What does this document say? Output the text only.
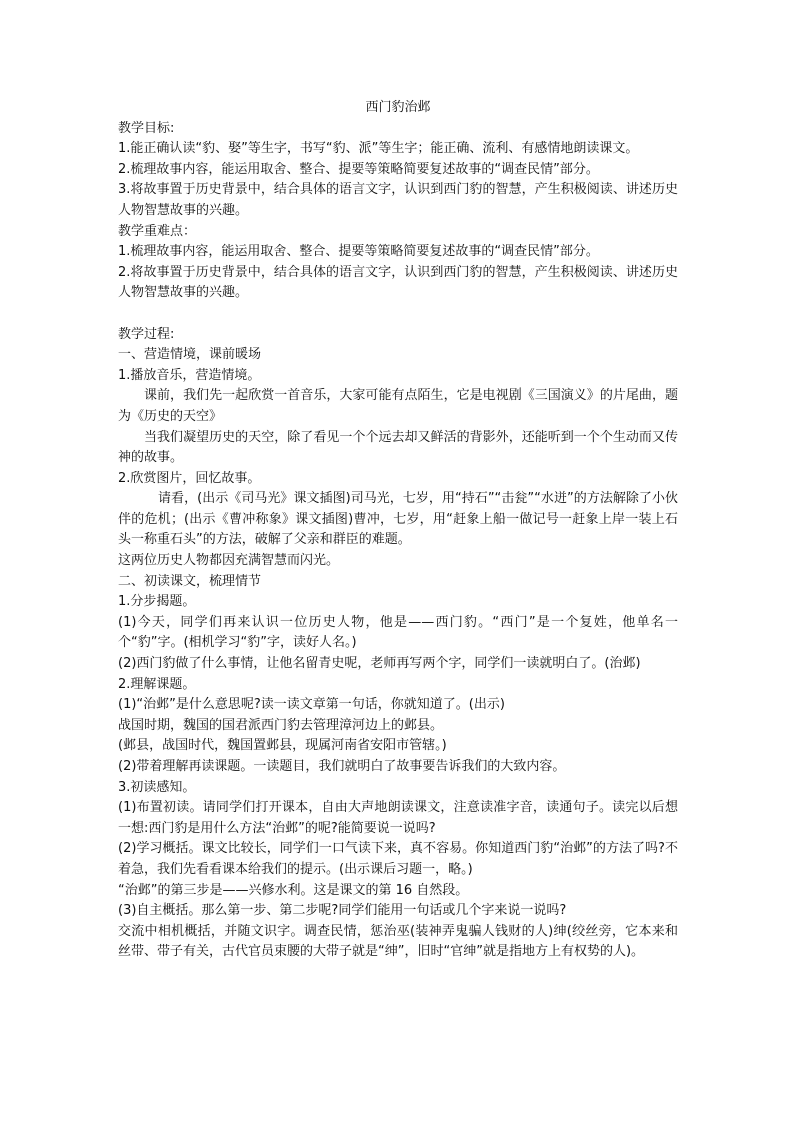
西门豹治邺

教学目标:

1.能正确认读“豹、娶”等生字，书写“豹、派”等生字；能正确、流利、有感情地朗读课文。

2.梳理故事内容，能运用取舍、整合、提要等策略简要复述故事的“调查民情”部分。

3.将故事置于历史背景中，结合具体的语言文字，认识到西门豹的智慧，产生积极阅读、讲述历史人物智慧故事的兴趣。

教学重难点：

1.梳理故事内容，能运用取舍、整合、提要等策略简要复述故事的“调查民情”部分。

2.将故事置于历史背景中，结合具体的语言文字，认识到西门豹的智慧，产生积极阅读、讲述历史人物智慧故事的兴趣。

教学过程:

一、营造情境，课前暖场

1.播放音乐，营造情境。

课前，我们先一起欣赏一首音乐，大家可能有点陌生，它是电视剧《三国演义》的片尾曲，题为《历史的天空》

当我们凝望历史的天空，除了看见一个个远去却又鲜活的背影外，还能听到一个个生动而又传神的故事。

2.欣赏图片，回忆故事。

请看，(出示《司马光》课文插图)司马光，七岁，用“持石”“击瓮”“水迸”的方法解除了小伙伴的危机；(出示《曹冲称象》课文插图)曹冲，七岁，用“赶象上船一做记号一赶象上岸一装上石头一称重石头”的方法，破解了父亲和群臣的难题。

这两位历史人物都因充满智慧而闪光。

二、初读课文，梳理情节

1.分步揭题。

(1)今天，同学们再来认识一位历史人物，他是——西门豹。“西门”是一个复姓，他单名一个“豹”字。(相机学习“豹”字，读好人名。)

(2)西门豹做了什么事情，让他名留青史呢，老师再写两个字，同学们一读就明白了。(治邺)

2.理解课题。

(1)“治邺”是什么意思呢?读一读文章第一句话，你就知道了。(出示)

战国时期，魏国的国君派西门豹去管理漳河边上的邺县。

(邺县，战国时代，魏国置邺县，现属河南省安阳市管辖。)

(2)带着理解再读课题。一读题目，我们就明白了故事要告诉我们的大致内容。

3.初读感知。

(1)布置初读。请同学们打开课本，自由大声地朗读课文，注意读准字音，读通句子。读完以后想一想:西门豹是用什么方法“治邺”的呢?能简要说一说吗?

(2)学习概括。课文比较长，同学们一口气读下来，真不容易。你知道西门豹“治邺”的方法了吗?不着急，我们先看看课本给我们的提示。(出示课后习题一，略。)

“治邺”的第三步是——兴修水利。这是课文的第 16 自然段。

(3)自主概括。那么第一步、第二步呢?同学们能用一句话或几个字来说一说吗?

交流中相机概括，并随文识字。调查民情，惩治巫(装神弄鬼骗人钱财的人)绅(绞丝旁，它本来和丝带、带子有关，古代官员束腰的大带子就是“绅”，旧时“官绅”就是指地方上有权势的人)。
